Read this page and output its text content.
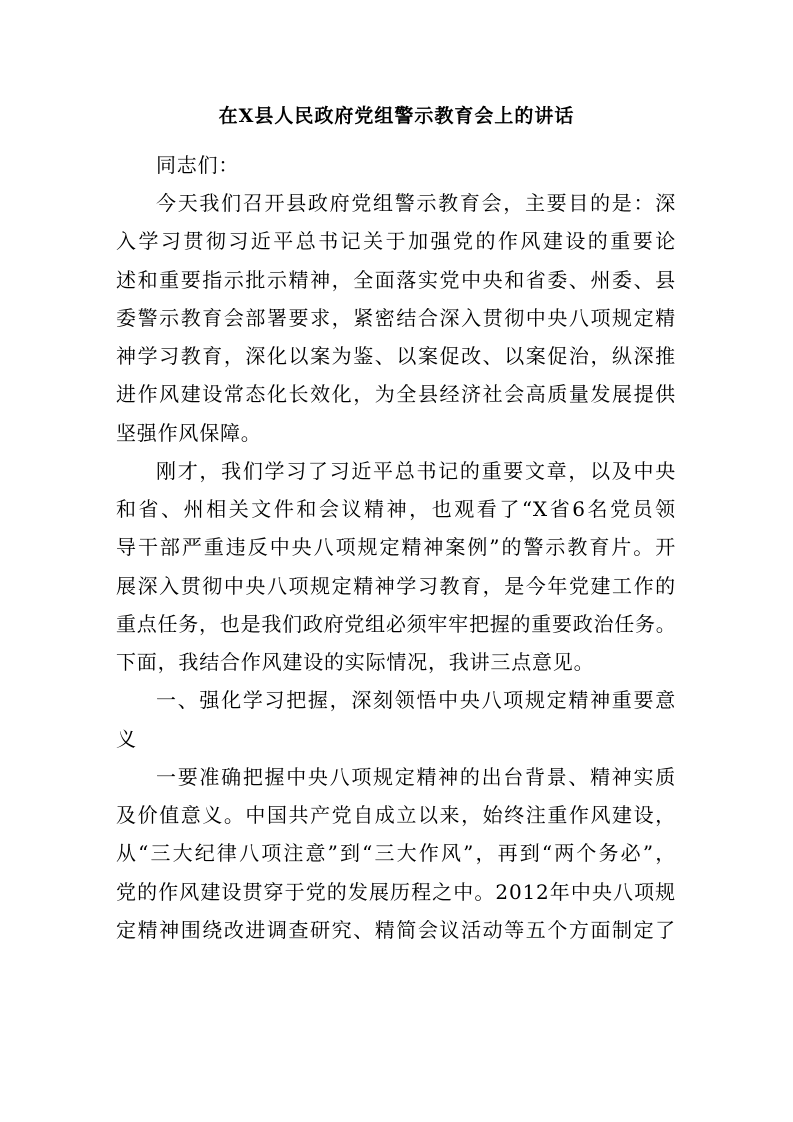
在X县人民政府党组警示教育会上的讲话
同志们：
今天我们召开县政府党组警示教育会，主要目的是：深
入学习贯彻习近平总书记关于加强党的作风建设的重要论
述和重要指示批示精神，全面落实党中央和省委、州委、县
委警示教育会部署要求，紧密结合深入贯彻中央八项规定精
神学习教育，深化以案为鉴、以案促改、以案促治，纵深推
进作风建设常态化长效化，为全县经济社会高质量发展提供
坚强作风保障。
刚才，我们学习了习近平总书记的重要文章，以及中央
和省、州相关文件和会议精神，也观看了“X省6名党员领
导干部严重违反中央八项规定精神案例”的警示教育片。开
展深入贯彻中央八项规定精神学习教育，是今年党建工作的
重点任务，也是我们政府党组必须牢牢把握的重要政治任务。
下面，我结合作风建设的实际情况，我讲三点意见。
一、强化学习把握，深刻领悟中央八项规定精神重要意
义
一要准确把握中央八项规定精神的出台背景、精神实质
及价值意义。中国共产党自成立以来，始终注重作风建设，
从“三大纪律八项注意”到“三大作风”，再到“两个务必”，
党的作风建设贯穿于党的发展历程之中。2012年中央八项规
定精神围绕改进调查研究、精简会议活动等五个方面制定了
